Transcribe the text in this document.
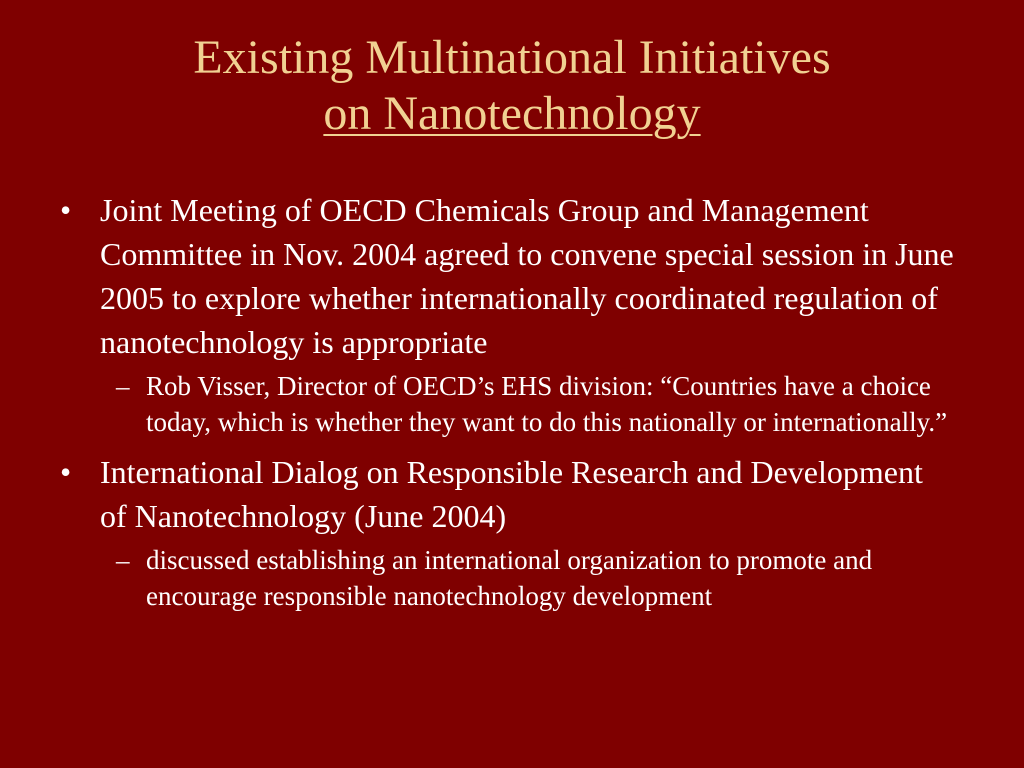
Existing Multinational Initiatives
on Nanotechnology
• Joint Meeting of OECD Chemicals Group and Management Committee in Nov. 2004 agreed to convene special session in June 2005 to explore whether internationally coordinated regulation of nanotechnology is appropriate
– Rob Visser, Director of OECD’s EHS division: “Countries have a choice today, which is whether they want to do this nationally or internationally.”
• International Dialog on Responsible Research and Development of Nanotechnology (June 2004)
– discussed establishing an international organization to promote and encourage responsible nanotechnology development
